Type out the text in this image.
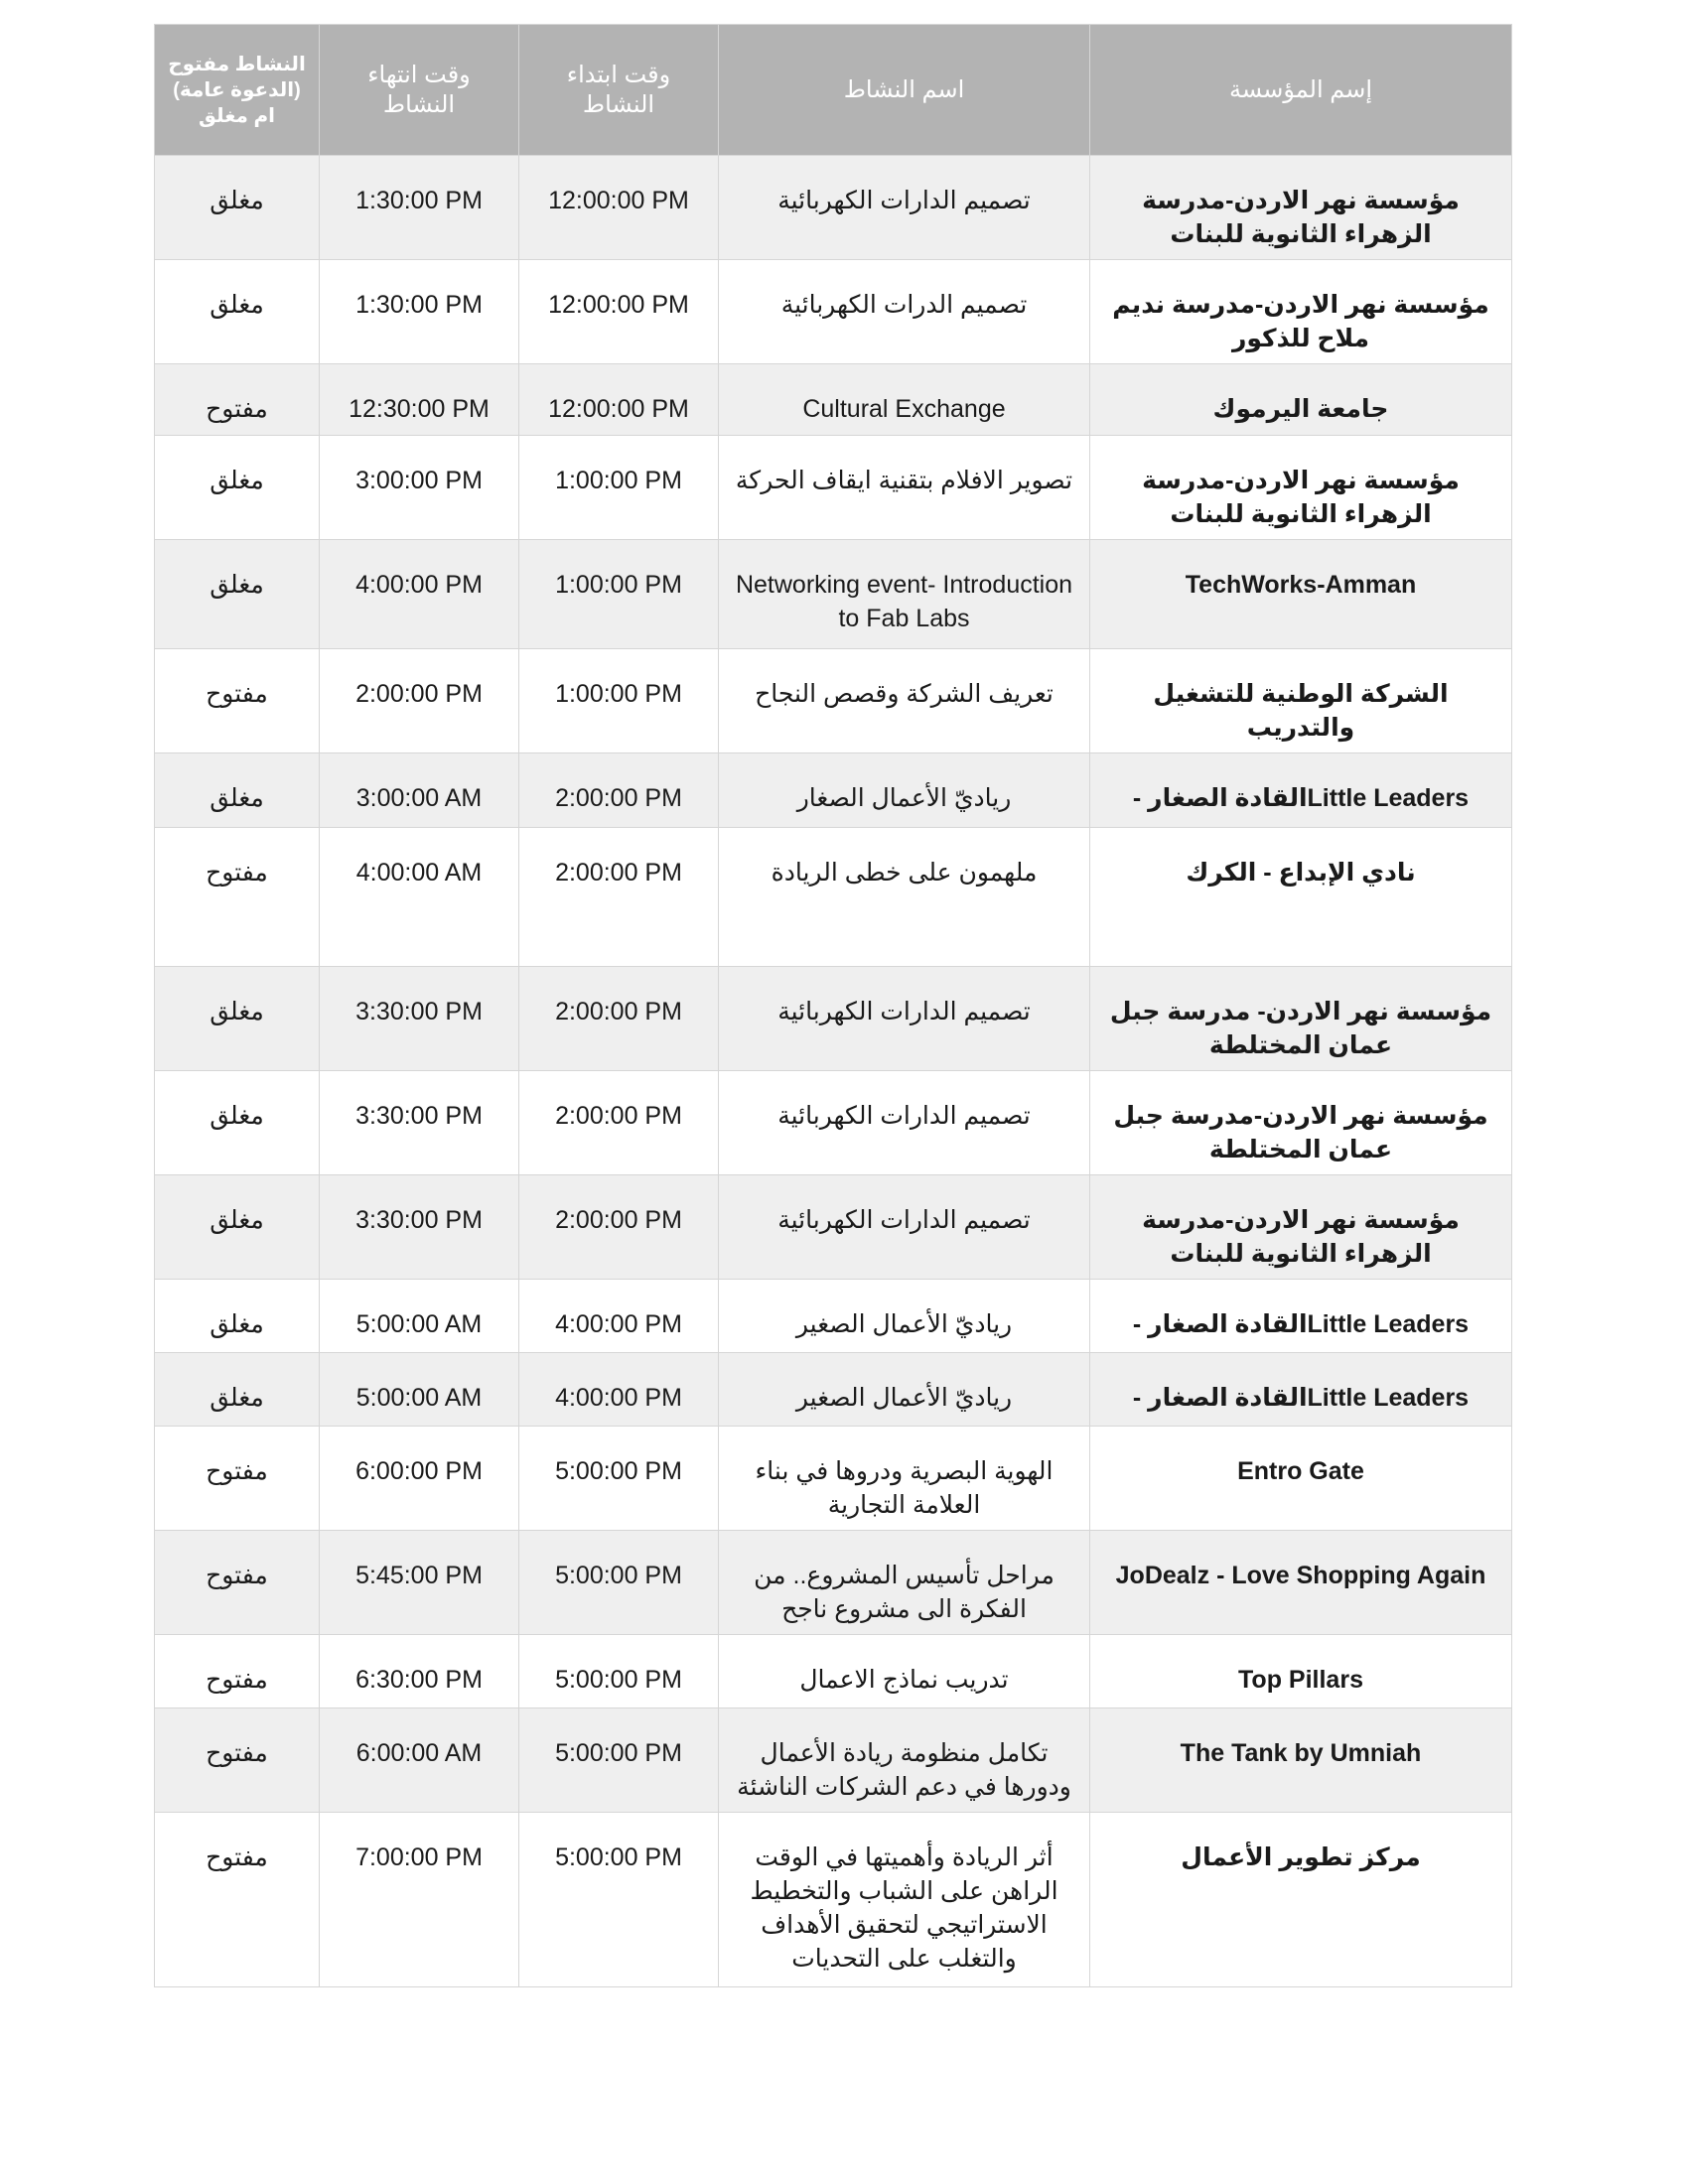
إسم المؤسسة	اسم النشاط	وقت ابتداء النشاط	وقت انتهاء النشاط	النشاط مفتوح (الدعوة عامة) ام مغلق
مؤسسة نهر الاردن-مدرسة الزهراء الثانوية للبنات	تصميم الدارات الكهربائية	12:00:00 PM	1:30:00 PM	مغلق
مؤسسة نهر الاردن-مدرسة نديم ملاح للذكور	تصميم الدرات الكهربائية	12:00:00 PM	1:30:00 PM	مغلق
جامعة اليرموك	Cultural Exchange	12:00:00 PM	12:30:00 PM	مفتوح
مؤسسة نهر الاردن-مدرسة الزهراء الثانوية للبنات	تصوير الافلام بتقنية ايقاف الحركة	1:00:00 PM	3:00:00 PM	مغلق
TechWorks-Amman	Networking event- Introduction to Fab Labs	1:00:00 PM	4:00:00 PM	مغلق
الشركة الوطنية للتشغيل والتدريب	تعريف الشركة وقصص النجاح	1:00:00 PM	2:00:00 PM	مفتوح
Little Leadersالقادة الصغار -	رياديّ الأعمال الصغار	2:00:00 PM	3:00:00 AM	مغلق
نادي الإبداع - الكرك	ملهمون على خطى الريادة	2:00:00 PM	4:00:00 AM	مفتوح
مؤسسة نهر الاردن- مدرسة جبل عمان المختلطة	تصميم الدارات الكهربائية	2:00:00 PM	3:30:00 PM	مغلق
مؤسسة نهر الاردن-مدرسة جبل عمان المختلطة	تصميم الدارات الكهربائية	2:00:00 PM	3:30:00 PM	مغلق
مؤسسة نهر الاردن-مدرسة الزهراء الثانوية للبنات	تصميم الدارات الكهربائية	2:00:00 PM	3:30:00 PM	مغلق
Little Leadersالقادة الصغار -	رياديّ الأعمال الصغير	4:00:00 PM	5:00:00 AM	مغلق
Little Leadersالقادة الصغار -	رياديّ الأعمال الصغير	4:00:00 PM	5:00:00 AM	مغلق
Entro Gate	الهوية البصرية ودروها في بناء العلامة التجارية	5:00:00 PM	6:00:00 PM	مفتوح
JoDealz - Love Shopping Again	مراحل تأسيس المشروع.. من الفكرة الى مشروع ناجح	5:00:00 PM	5:45:00 PM	مفتوح
Top Pillars	تدريب نماذج الاعمال	5:00:00 PM	6:30:00 PM	مفتوح
The Tank by Umniah	تكامل منظومة ريادة الأعمال ودورها في دعم الشركات الناشئة	5:00:00 PM	6:00:00 AM	مفتوح
مركز تطوير الأعمال	أثر الريادة وأهميتها في الوقت الراهن على الشباب والتخطيط الاستراتيجي لتحقيق الأهداف والتغلب على التحديات	5:00:00 PM	7:00:00 PM	مفتوح
